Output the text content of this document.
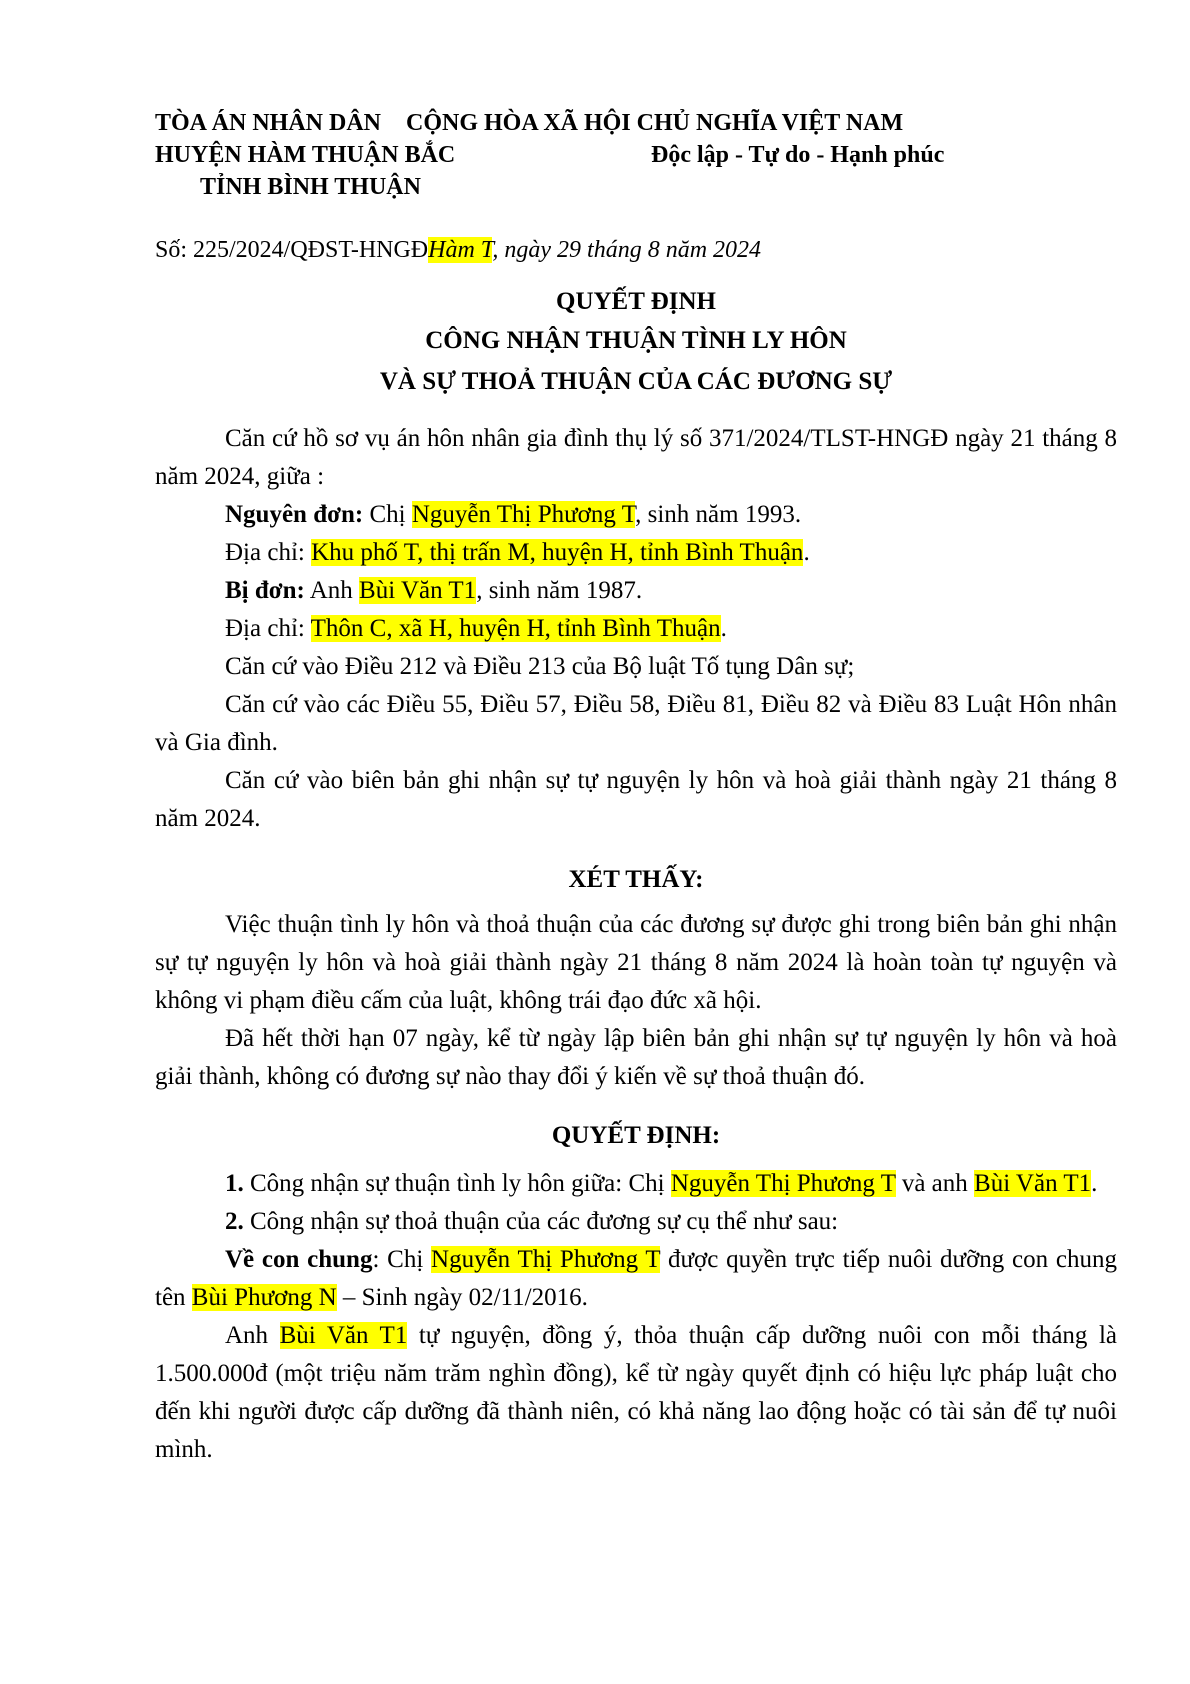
TÒA ÁN NHÂN DÂN CỘNG HÒA XÃ HỘI CHỦ NGHĨA VIỆT NAM
HUYỆN HÀM THUẬN BẮC	Độc lập - Tự do - Hạnh phúc
TỈNH BÌNH THUẬN
Số: 225/2024/QĐST-HNGĐHàm T, ngày 29 tháng 8 năm 2024
QUYẾT ĐỊNH
CÔNG NHẬN THUẬN TÌNH LY HÔN
VÀ SỰ THOẢ THUẬN CỦA CÁC ĐƯƠNG SỰ

Căn cứ hồ sơ vụ án hôn nhân gia đình thụ lý số 371/2024/TLST-HNGĐ ngày 21 tháng 8 năm 2024, giữa :

Nguyên đơn: Chị Nguyễn Thị Phương T, sinh năm 1993.

Địa chỉ: Khu phố T, thị trấn M, huyện H, tỉnh Bình Thuận.

Bị đơn: Anh Bùi Văn T1, sinh năm 1987.

Địa chỉ: Thôn C, xã H, huyện H, tỉnh Bình Thuận.

Căn cứ vào Điều 212 và Điều 213 của Bộ luật Tố tụng Dân sự;

Căn cứ vào các Điều 55, Điều 57, Điều 58, Điều 81, Điều 82 và Điều 83 Luật Hôn nhân và Gia đình.

Căn cứ vào biên bản ghi nhận sự tự nguyện ly hôn và hoà giải thành ngày 21 tháng 8 năm 2024.

XÉT THẤY:

Việc thuận tình ly hôn và thoả thuận của các đương sự được ghi trong biên bản ghi nhận sự tự nguyện ly hôn và hoà giải thành ngày 21 tháng 8 năm 2024 là hoàn toàn tự nguyện và không vi phạm điều cấm của luật, không trái đạo đức xã hội.

Đã hết thời hạn 07 ngày, kể từ ngày lập biên bản ghi nhận sự tự nguyện ly hôn và hoà giải thành, không có đương sự nào thay đổi ý kiến về sự thoả thuận đó.

QUYẾT ĐỊNH:

1. Công nhận sự thuận tình ly hôn giữa: Chị Nguyễn Thị Phương T và anh Bùi Văn T1.

2. Công nhận sự thoả thuận của các đương sự cụ thể như sau:

Về con chung: Chị Nguyễn Thị Phương T được quyền trực tiếp nuôi dưỡng con chung tên Bùi Phương N – Sinh ngày 02/11/2016.

Anh Bùi Văn T1 tự nguyện, đồng ý, thỏa thuận cấp dưỡng nuôi con mỗi tháng là 1.500.000đ (một triệu năm trăm nghìn đồng), kể từ ngày quyết định có hiệu lực pháp luật cho đến khi người được cấp dưỡng đã thành niên, có khả năng lao động hoặc có tài sản để tự nuôi mình.
